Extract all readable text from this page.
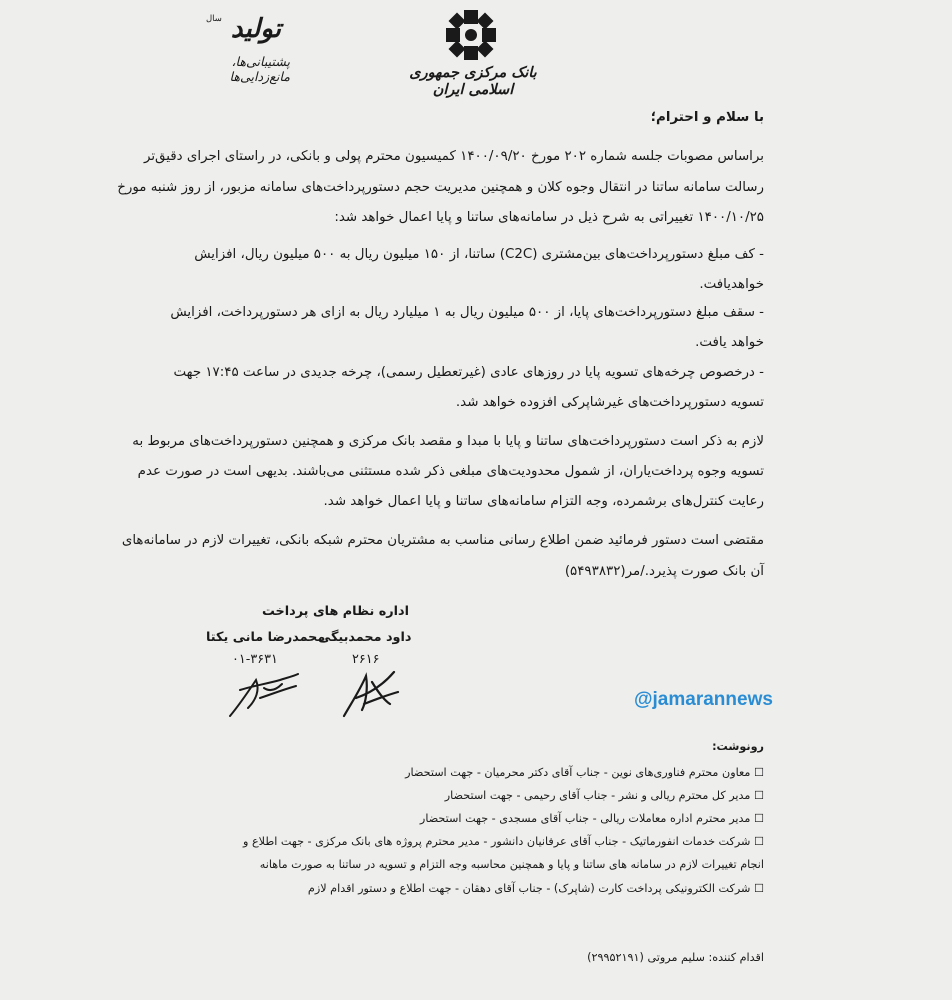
بانک مرکزی جمهوری اسلامی ایران
تولید
سال
پشتیبانی‌ها، مانع‌زدایی‌ها
با سلام و احترام؛
براساس مصوبات جلسه شماره ۲۰۲ مورخ ۱۴۰۰/۰۹/۲۰ کمیسیون محترم پولی و بانکی، در راستای اجرای دقیق‌تر
رسالت سامانه ساتنا در انتقال وجوه کلان و همچنین مدیریت حجم دستورپرداخت‌های سامانه مزبور، از روز شنبه مورخ
۱۴۰۰/۱۰/۲۵ تغییراتی به شرح ذیل در سامانه‌های ساتنا و پایا اعمال خواهد شد:
- کف مبلغ دستورپرداخت‌های بین‌مشتری (C2C) ساتنا، از ۱۵۰ میلیون ریال به ۵۰۰ میلیون ریال، افزایش
خواهدیافت.
- سقف مبلغ دستورپرداخت‌های پایا، از ۵۰۰ میلیون ریال به ۱ میلیارد ریال به ازای هر دستورپرداخت، افزایش
خواهد یافت.
- درخصوص چرخه‌های تسویه پایا در روزهای عادی (غیرتعطیل رسمی)، چرخه جدیدی در ساعت ۱۷:۴۵ جهت
تسویه دستورپرداخت‌های غیرشاپرکی افزوده خواهد شد.
لازم به ذکر است دستورپرداخت‌های ساتنا و پایا با مبدا و مقصد بانک مرکزی و همچنین دستورپرداخت‌های مربوط به
تسویه وجوه پرداخت‌یاران، از شمول محدودیت‌های مبلغی ذکر شده مستثنی می‌باشند. بدیهی است در صورت عدم
رعایت کنترل‌های برشمرده، وجه التزام سامانه‌های ساتنا و پایا اعمال خواهد شد.
مقتضی است دستور فرمائید ضمن اطلاع رسانی مناسب به مشتریان محترم شبکه بانکی، تغییرات لازم در سامانه‌های
آن بانک صورت پذیرد./مر(۵۴۹۳۸۳۲)
اداره نظام های پرداخت
داود محمدبیگی
۲۶۱۶
محمدرضا مانی یکتا
۰۱-۳۶۳۱
@jamarannews
رونوشت:
☐ معاون محترم فناوری‌های نوین - جناب آقای دکتر محرمیان - جهت استحضار
☐ مدیر کل محترم ریالی و نشر - جناب آقای رحیمی - جهت استحضار
☐ مدیر محترم اداره معاملات ریالی - جناب آقای مسجدی - جهت استحضار
☐ شرکت خدمات انفورماتیک - جناب آقای عرفانیان دانشور - مدیر محترم پروژه های بانک مرکزی - جهت اطلاع و
انجام تغییرات لازم در سامانه های ساتنا و پایا و همچنین محاسبه وجه التزام و تسویه در ساتنا به صورت ماهانه
☐ شرکت الکترونیکی پرداخت کارت (شاپرک) - جناب آقای دهقان - جهت اطلاع و دستور اقدام لازم
اقدام کننده: سلیم مروتی (۲۹۹۵۲۱۹۱)
